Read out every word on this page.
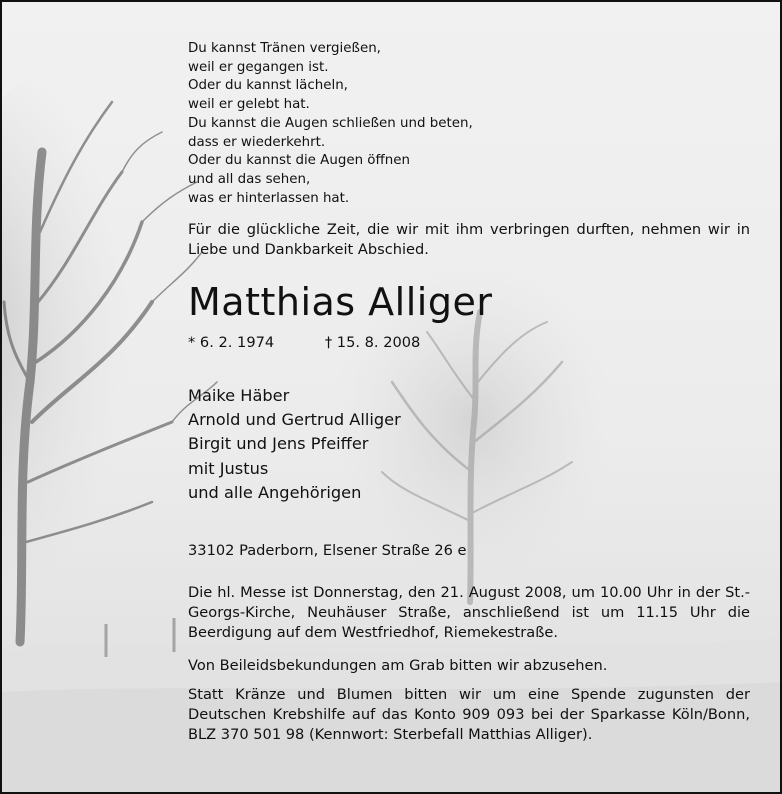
Du kannst Tränen vergießen,
weil er gegangen ist.
Oder du kannst lächeln,
weil er gelebt hat.
Du kannst die Augen schließen und beten,
dass er wiederkehrt.
Oder du kannst die Augen öffnen
und all das sehen,
was er hinterlassen hat.

Für die glückliche Zeit, die wir mit ihm verbringen durften, nehmen wir in Liebe und Dankbarkeit Abschied.

Matthias Alliger
* 6. 2. 1974	† 15. 8. 2008
Maike Häber
Arnold und Gertrud Alliger
Birgit und Jens Pfeiffer
mit Justus
und alle Angehörigen
33102 Paderborn, Elsener Straße 26 e

Die hl. Messe ist Donnerstag, den 21. August 2008, um 10.00 Uhr in der St.-Georgs-Kirche, Neuhäuser Straße, anschließend ist um 11.15 Uhr die Beerdigung auf dem Westfriedhof, Riemekestraße.

Von Beileidsbekundungen am Grab bitten wir abzusehen.

Statt Kränze und Blumen bitten wir um eine Spende zugunsten der Deutschen Krebshilfe auf das Konto 909 093 bei der Sparkasse Köln/Bonn, BLZ 370 501 98 (Kennwort: Sterbefall Matthias Alliger).
